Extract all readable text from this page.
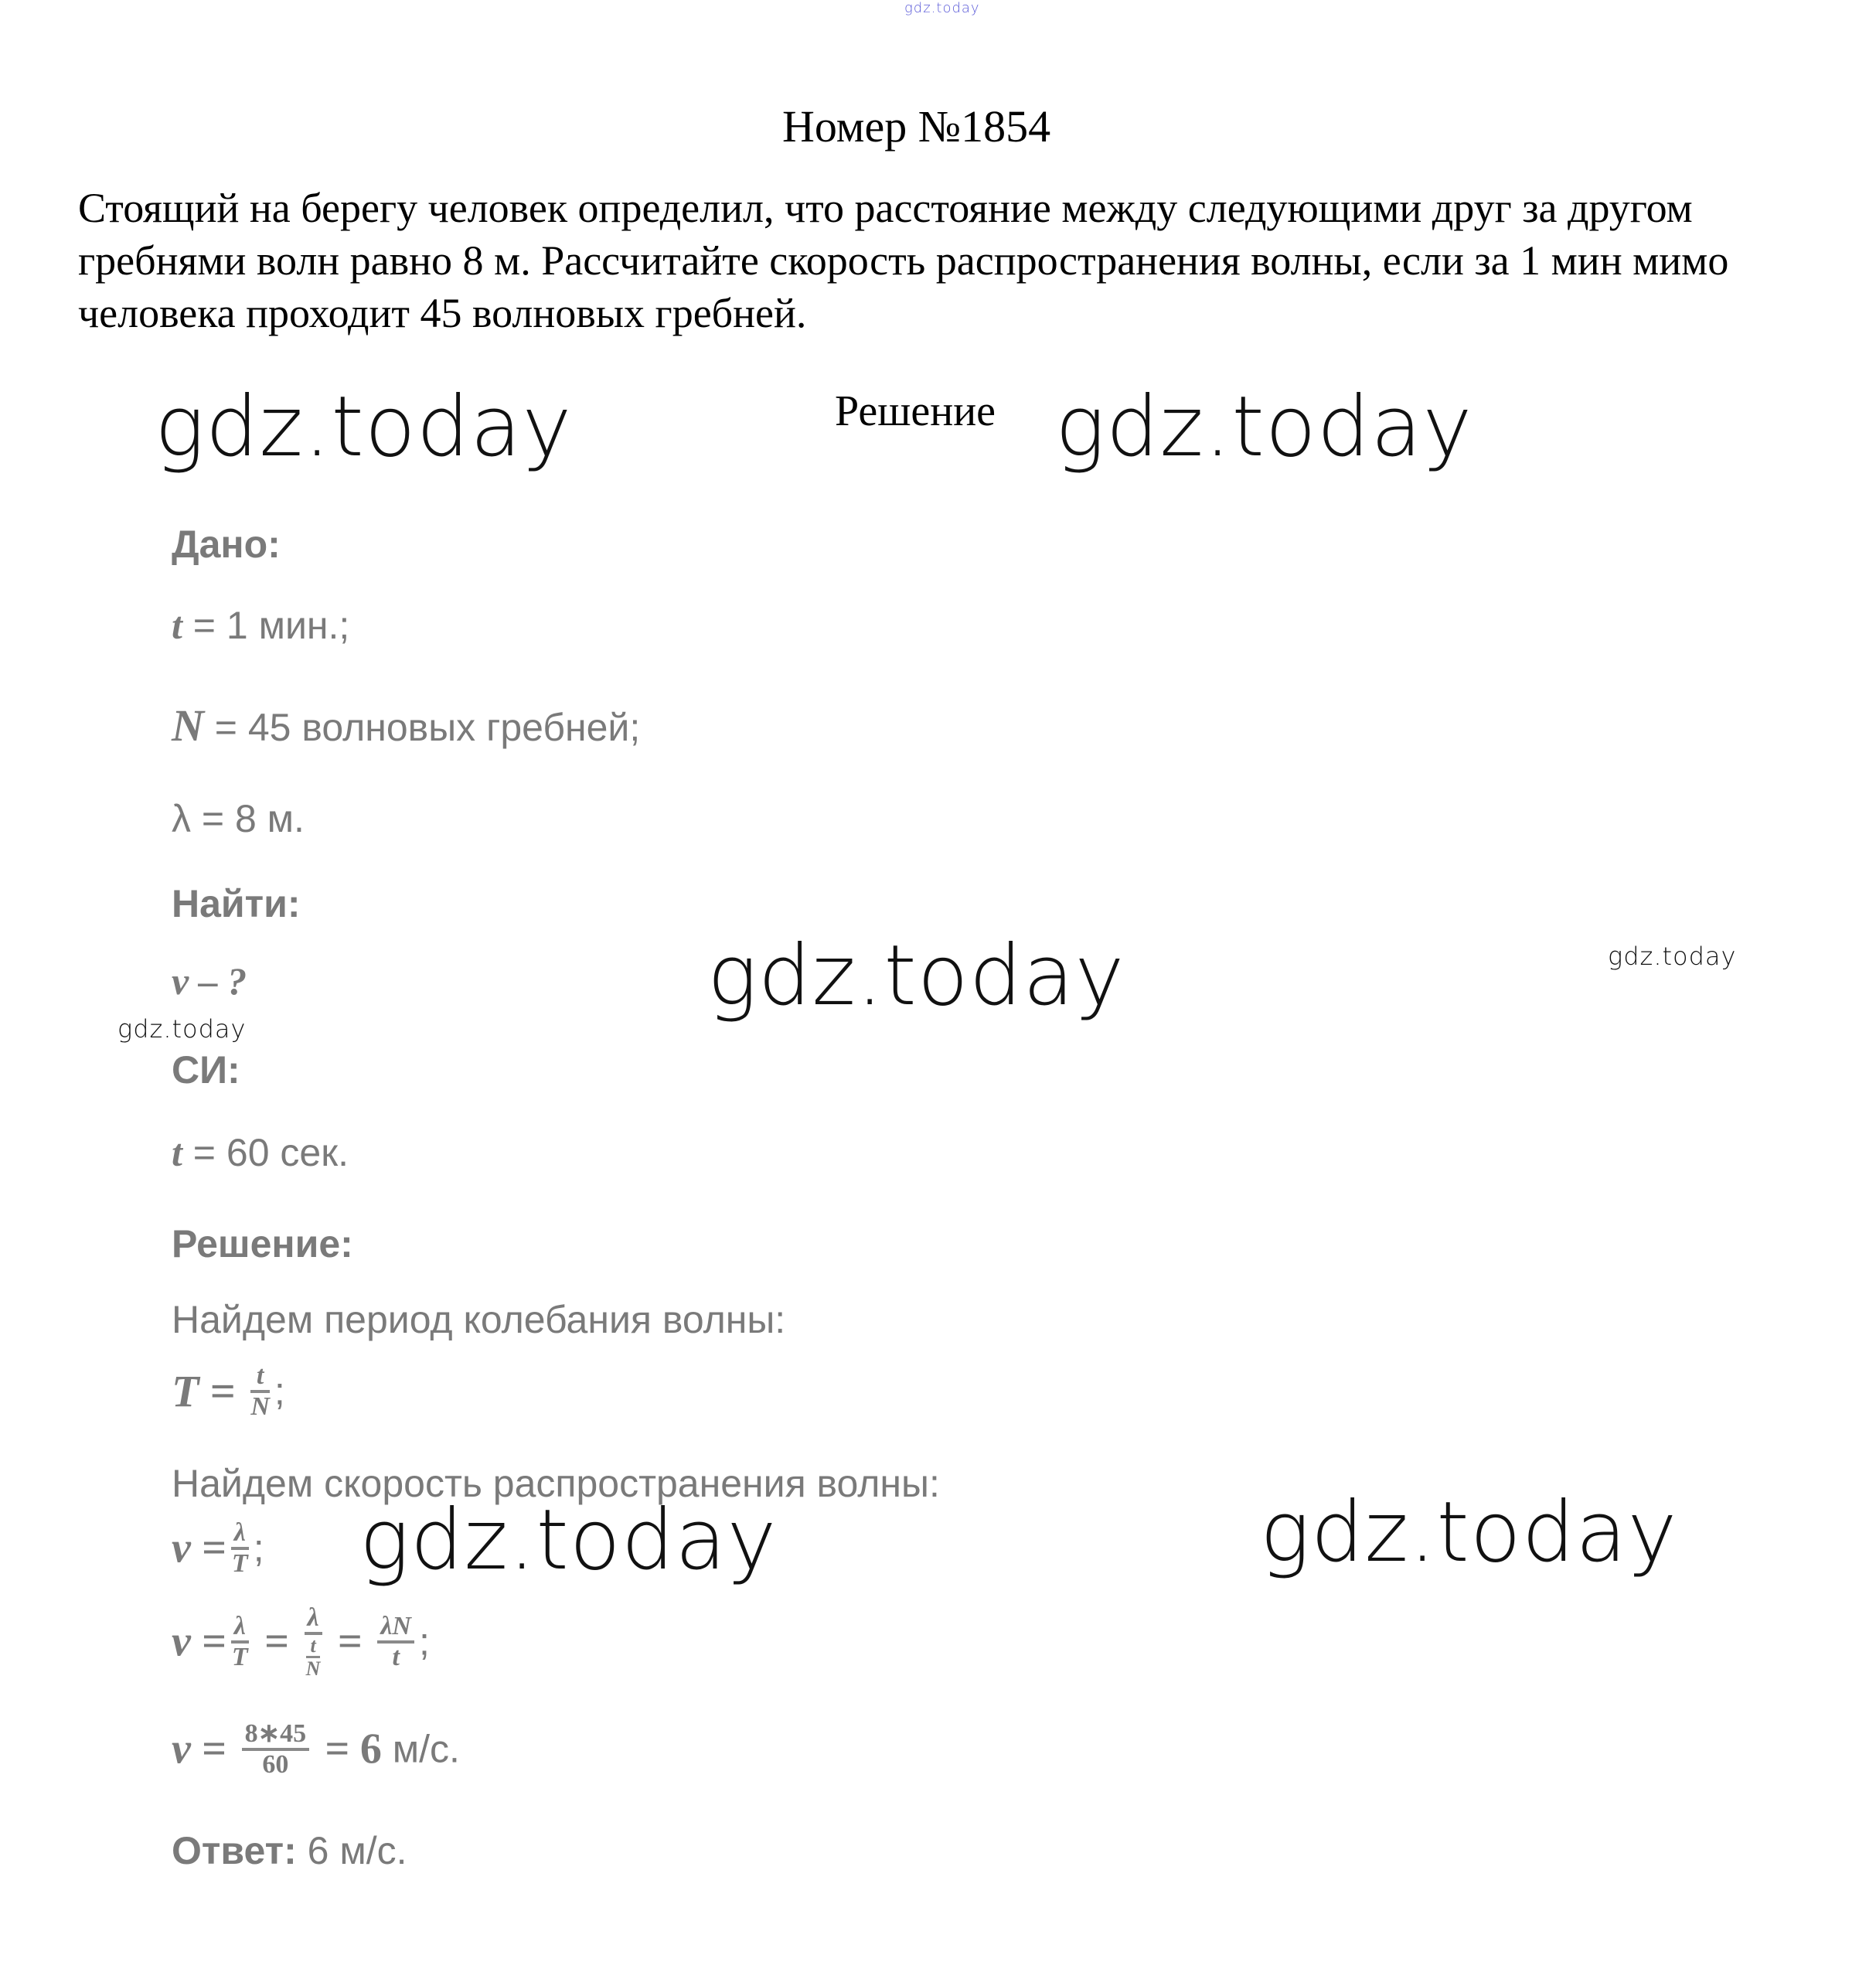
gdz.today
Номер №1854
Стоящий на берегу человек определил, что расстояние между следующими друг за другом гребнями волн равно 8 м. Рассчитайте скорость распространения волны, если за 1 мин мимо человека проходит 45 волновых гребней.
Решение
gdz.today	gdz.today
gdz.today
gdz.today	gdz.today
gdz.today
gdz.today
Дано:
t = 1 мин.;
N = 45 волновых гребней;
λ = 8 м.
Найти:
v – ?
СИ:
t = 60 сек.
Решение:
Найдем период колебания волны:
$T = \frac{t}{N}$ ;
Найдем скорость распространения волны:
$v = \frac{\lambda}{T}$ ;
$v = \frac{\lambda}{T} = \frac{\lambda}{\frac{t}{N}} = \frac{\lambda N}{t}$ ;
$v = \frac{8∗45}{60} = 6$ м/с.
Ответ: 6 м/с.
